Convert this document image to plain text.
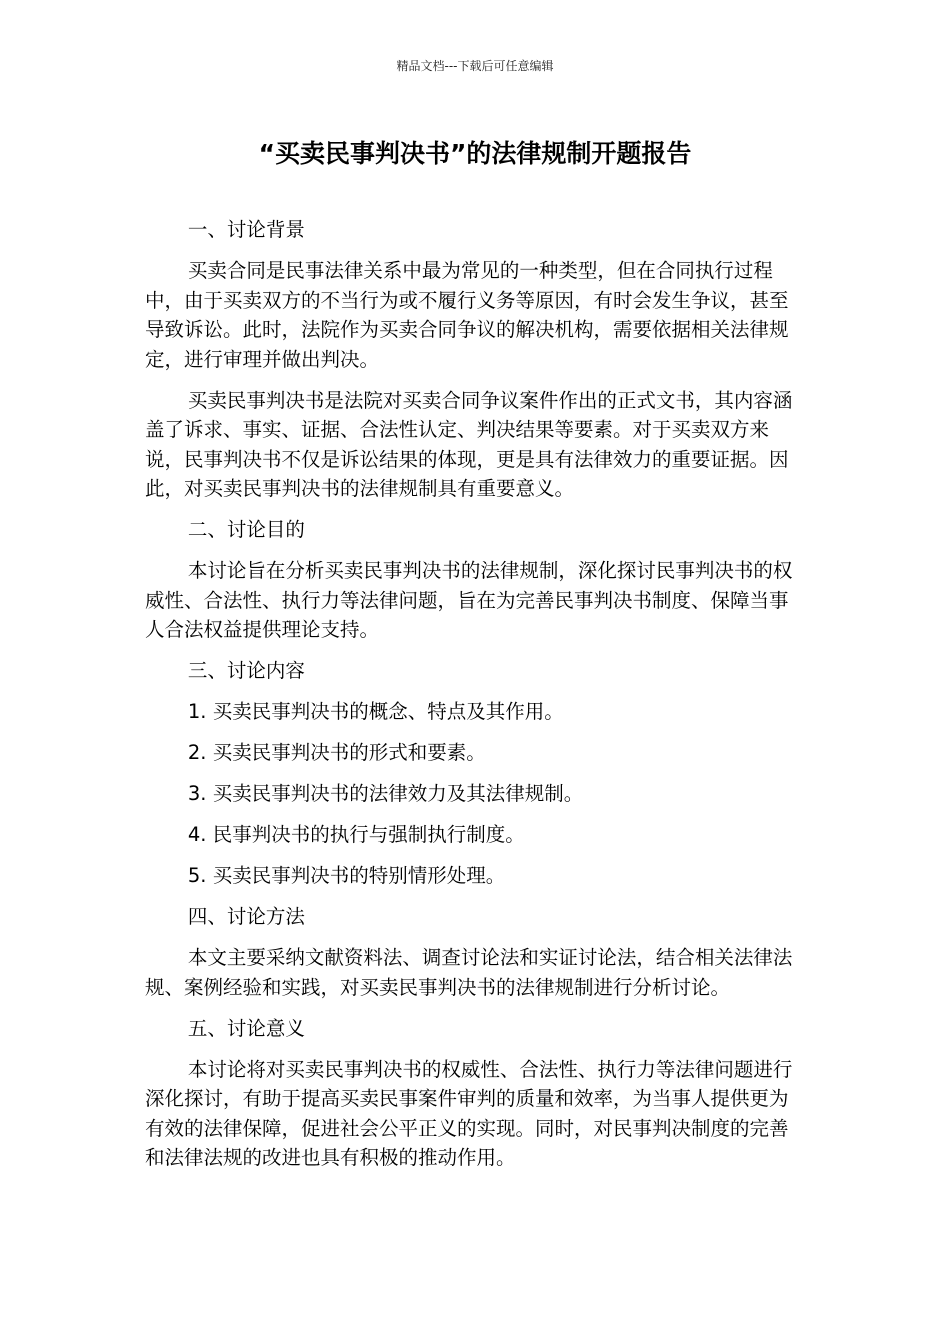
精品文档---下载后可任意编辑
“买卖民事判决书”的法律规制开题报告

一、讨论背景

买卖合同是民事法律关系中最为常见的一种类型，但在合同执行过程中，由于买卖双方的不当行为或不履行义务等原因，有时会发生争议，甚至导致诉讼。此时，法院作为买卖合同争议的解决机构，需要依据相关法律规定，进行审理并做出判决。

买卖民事判决书是法院对买卖合同争议案件作出的正式文书，其内容涵盖了诉求、事实、证据、合法性认定、判决结果等要素。对于买卖双方来说，民事判决书不仅是诉讼结果的体现，更是具有法律效力的重要证据。因此，对买卖民事判决书的法律规制具有重要意义。

二、讨论目的

本讨论旨在分析买卖民事判决书的法律规制，深化探讨民事判决书的权威性、合法性、执行力等法律问题，旨在为完善民事判决书制度、保障当事人合法权益提供理论支持。

三、讨论内容

1. 买卖民事判决书的概念、特点及其作用。

2. 买卖民事判决书的形式和要素。

3. 买卖民事判决书的法律效力及其法律规制。

4. 民事判决书的执行与强制执行制度。

5. 买卖民事判决书的特别情形处理。

四、讨论方法

本文主要采纳文献资料法、调查讨论法和实证讨论法，结合相关法律法规、案例经验和实践，对买卖民事判决书的法律规制进行分析讨论。

五、讨论意义

本讨论将对买卖民事判决书的权威性、合法性、执行力等法律问题进行深化探讨，有助于提高买卖民事案件审判的质量和效率，为当事人提供更为有效的法律保障，促进社会公平正义的实现。同时，对民事判决制度的完善和法律法规的改进也具有积极的推动作用。
